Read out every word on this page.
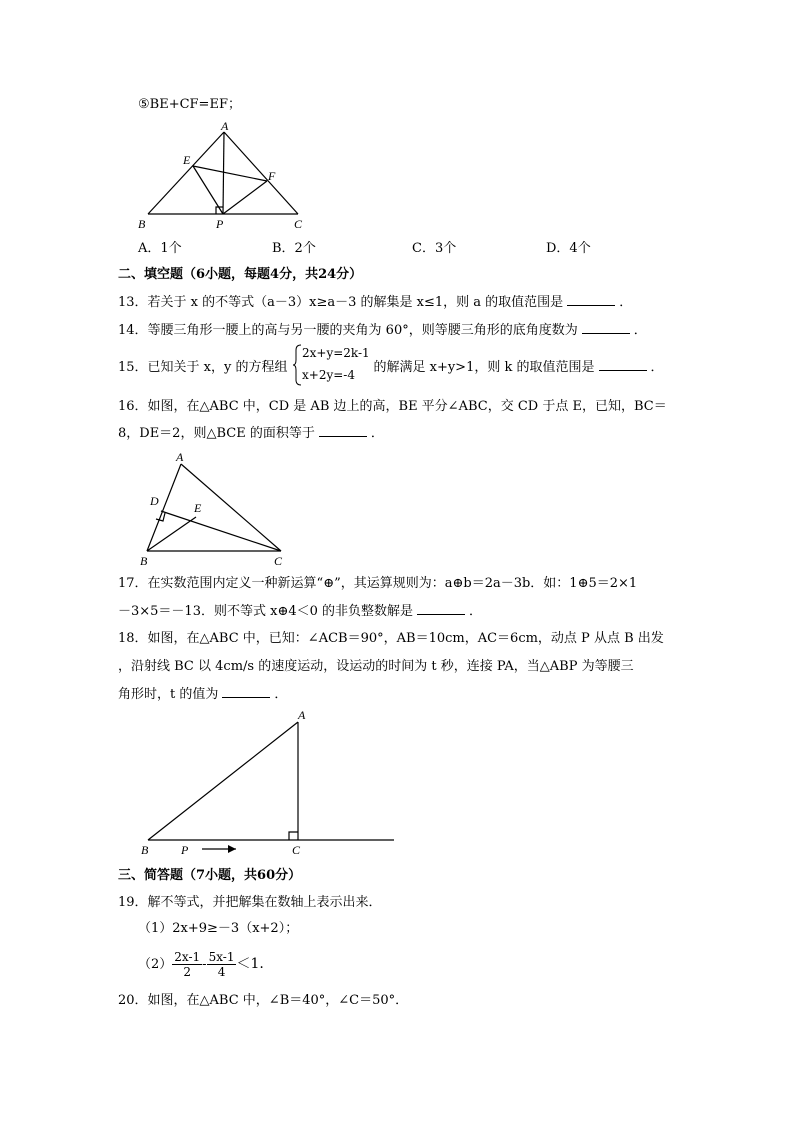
⑤BE+CF=EF；
A
E
F
B	P	C
A．1个	B．2个	C．3个	D．4个
二、填空题（6小题，每题4分，共24分）
13．若关于 x 的不等式（a－3）x≥a－3 的解集是 x≤1，则 a 的取值范围是	．
14．等腰三角形一腰上的高与另一腰的夹角为 60°，则等腰三角形的底角度数为	．
15．已知关于 x，y 的方程组	的解满足 x+y>1，则 k 的取值范围是	．
2x+y=2k-1
x+2y=-4
16．如图，在△ABC 中，CD 是 AB 边上的高，BE 平分∠ABC，交 CD 于点 E，已知，BC＝
8，DE＝2，则△BCE 的面积等于	．
A
D	E
B	C
17．在实数范围内定义一种新运算“⊕”，其运算规则为：a⊕b＝2a－3b．如：1⊕5＝2×1
－3×5＝－13．则不等式 x⊕4＜0 的非负整数解是	．
18．如图，在△ABC 中，已知：∠ACB＝90°，AB＝10cm，AC＝6cm，动点 P 从点 B 出发
，沿射线 BC 以 4cm/s 的速度运动，设运动的时间为 t 秒，连接 PA，当△ABP 为等腰三
角形时，t 的值为	．
A
B	P	C
三、简答题（7小题，共60分）
19．解不等式，并把解集在数轴上表示出来．
（1）2x+9≥－3（x+2）；
$(2) \frac{2x-1}{2} - \frac{5x-1}{4} <1$.
20．如图，在△ABC 中，∠B＝40°，∠C＝50°．
